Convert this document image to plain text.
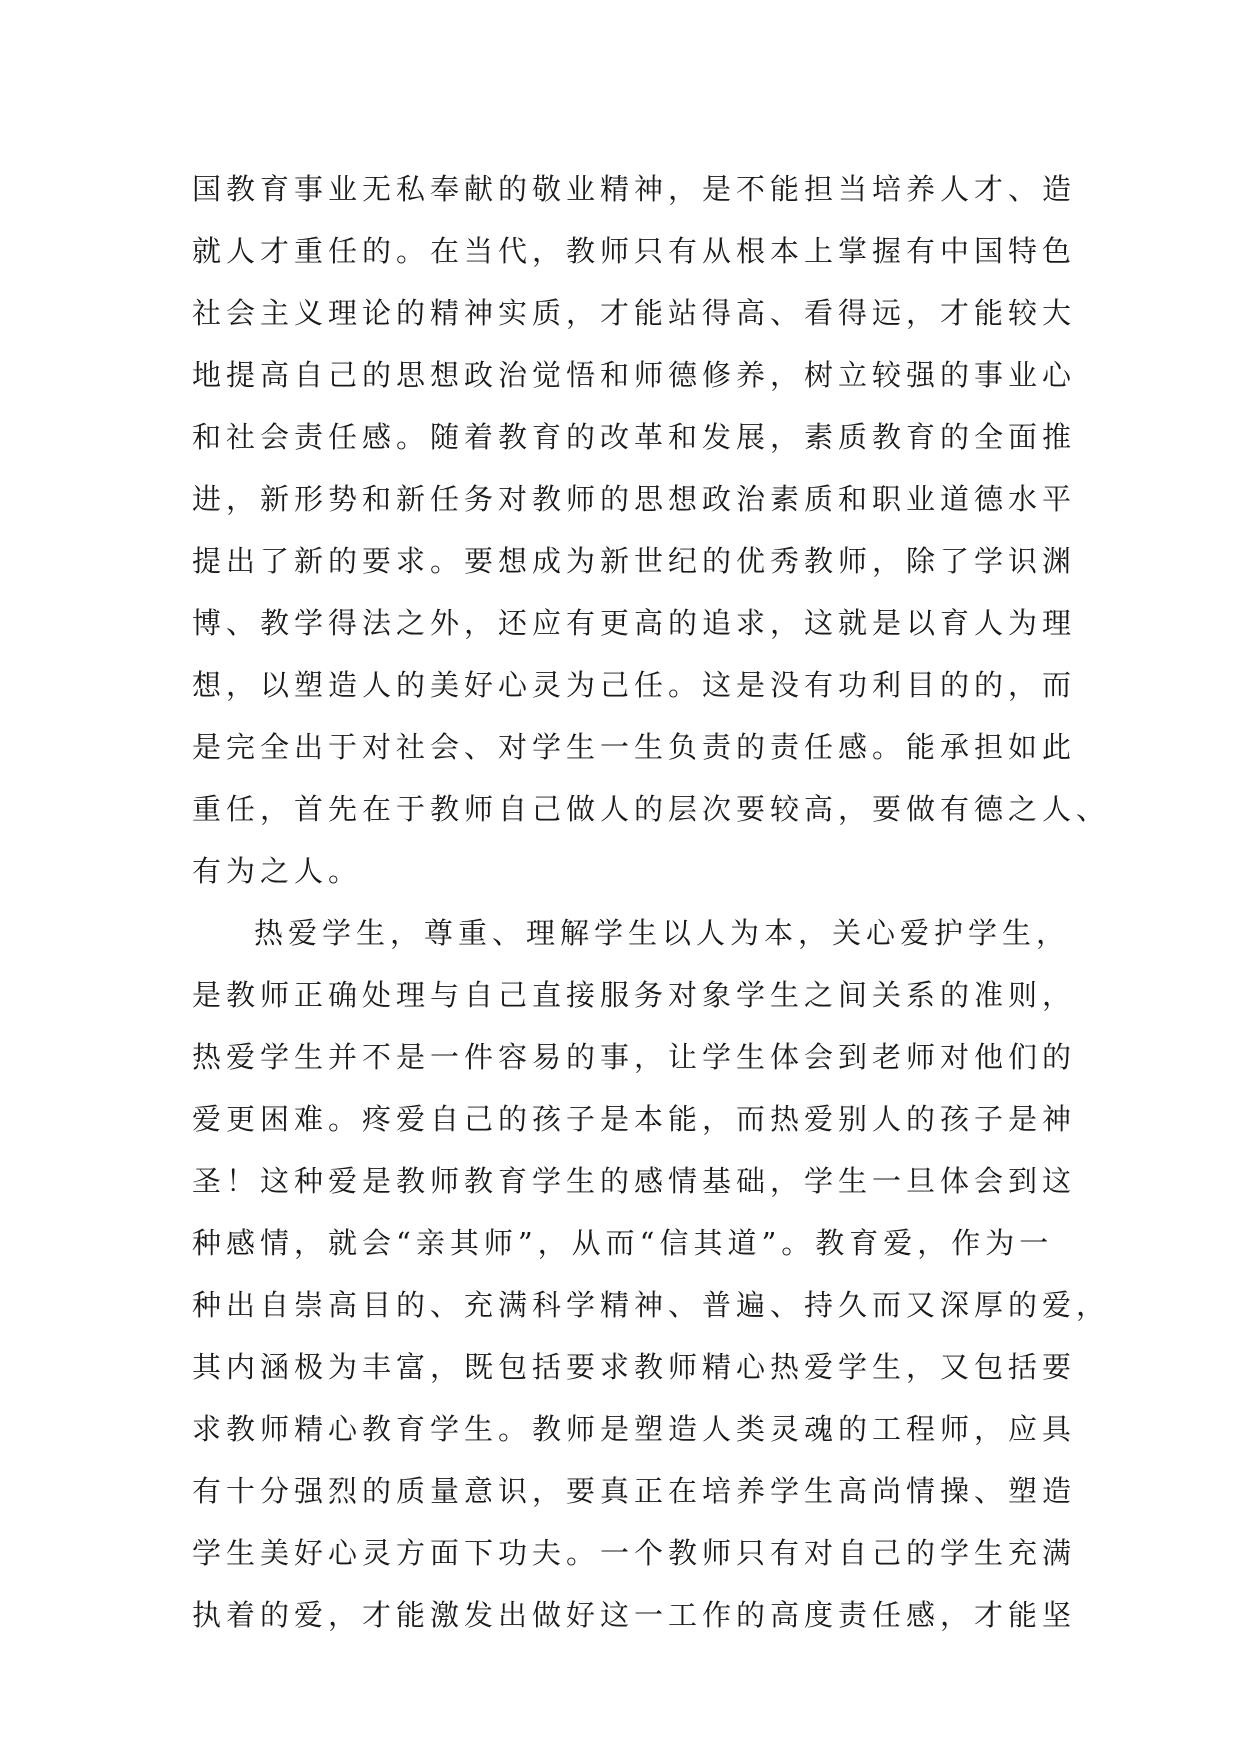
国教育事业无私奉献的敬业精神，是不能担当培养人才、造
就人才重任的。在当代，教师只有从根本上掌握有中国特色
社会主义理论的精神实质，才能站得高、看得远，才能较大
地提高自己的思想政治觉悟和师德修养，树立较强的事业心
和社会责任感。随着教育的改革和发展，素质教育的全面推
进，新形势和新任务对教师的思想政治素质和职业道德水平
提出了新的要求。要想成为新世纪的优秀教师，除了学识渊
博、教学得法之外，还应有更高的追求，这就是以育人为理
想，以塑造人的美好心灵为己任。这是没有功利目的的，而
是完全出于对社会、对学生一生负责的责任感。能承担如此
重任，首先在于教师自己做人的层次要较高，要做有德之人、
有为之人。
热爱学生，尊重、理解学生以人为本，关心爱护学生，
是教师正确处理与自己直接服务对象学生之间关系的准则，
热爱学生并不是一件容易的事，让学生体会到老师对他们的
爱更困难。疼爱自己的孩子是本能，而热爱别人的孩子是神
圣！这种爱是教师教育学生的感情基础，学生一旦体会到这
种感情，就会“亲其师”，从而“信其道”。教育爱，作为一
种出自崇高目的、充满科学精神、普遍、持久而又深厚的爱，
其内涵极为丰富，既包括要求教师精心热爱学生，又包括要
求教师精心教育学生。教师是塑造人类灵魂的工程师，应具
有十分强烈的质量意识，要真正在培养学生高尚情操、塑造
学生美好心灵方面下功夫。一个教师只有对自己的学生充满
执着的爱，才能激发出做好这一工作的高度责任感，才能坚
